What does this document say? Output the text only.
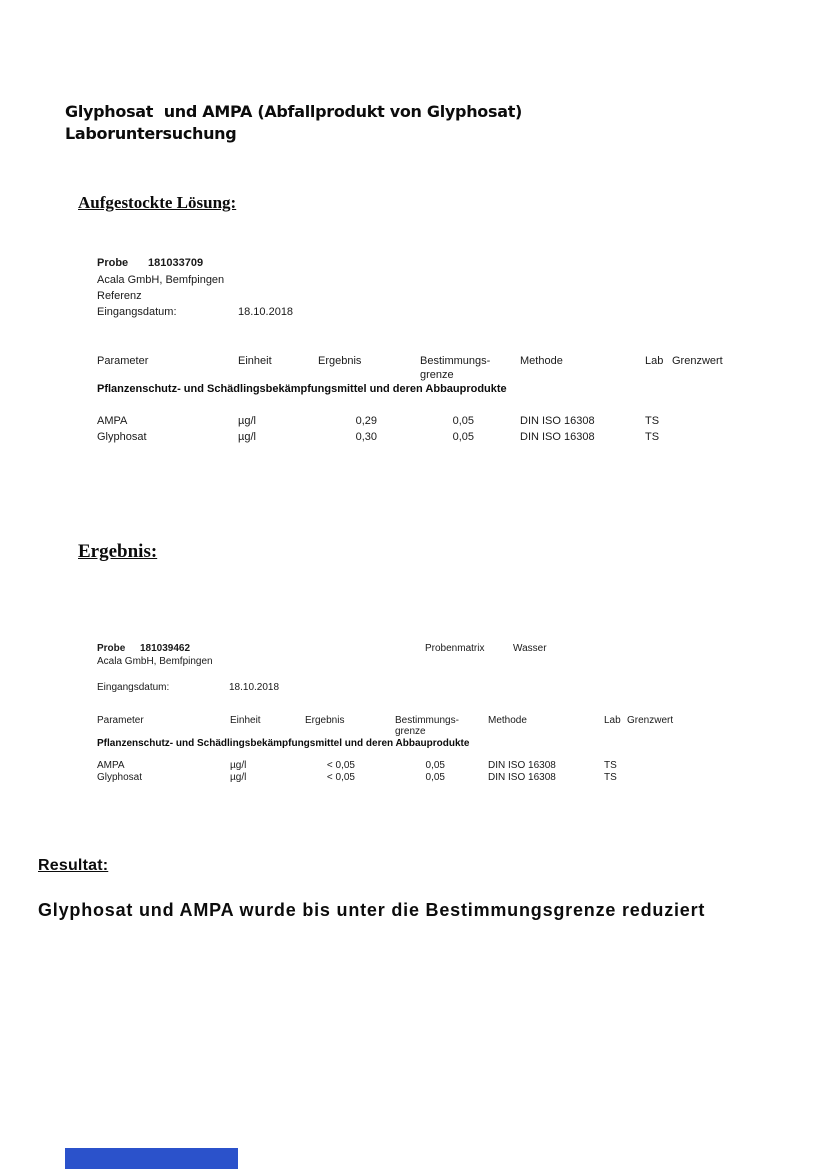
Glyphosat  und AMPA (Abfallprodukt von Glyphosat)
Laboruntersuchung
Aufgestockte Lösung:
Probe 181033709
Acala GmbH, Bemfpingen
Referenz
Eingangsdatum:	18.10.2018
Parameter	Einheit	Ergebnis	Bestimmungs-
grenze
Methode	Lab Grenzwert
Pflanzenschutz- und Schädlingsbekämpfungsmittel und deren Abbauprodukte
AMPA	µg/l	0,29	0,05	DIN ISO 16308	TS
Glyphosat	µg/l	0,30	0,05	DIN ISO 16308	TS
Ergebnis:
Probe 181039462	Probenmatrix	Wasser
Acala GmbH, Bemfpingen
Eingangsdatum:	18.10.2018
Parameter	Einheit	Ergebnis	Bestimmungs-
grenze
Methode	Lab Grenzwert
Pflanzenschutz- und Schädlingsbekämpfungsmittel und deren Abbauprodukte
AMPA	µg/l	< 0,05	0,05	DIN ISO 16308	TS
Glyphosat	µg/l	< 0,05	0,05	DIN ISO 16308	TS
Resultat:
Glyphosat und AMPA wurde bis unter die Bestimmungsgrenze reduziert
